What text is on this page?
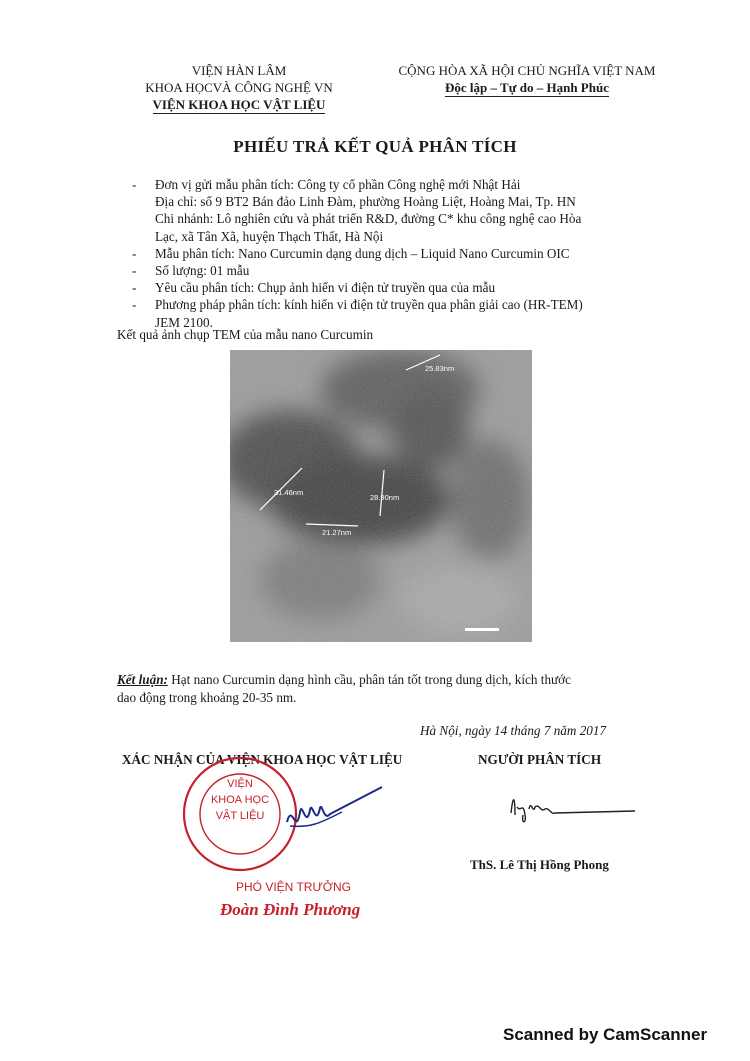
VIỆN HÀN LÂM
KHOA HỌCVÀ CÔNG NGHỆ VN
VIỆN KHOA HỌC VẬT LIỆU
CỘNG HÒA XÃ HỘI CHỦ NGHĨA VIỆT NAM
Độc lập – Tự do – Hạnh Phúc
PHIẾU TRẢ KẾT QUẢ PHÂN TÍCH
- Đơn vị gửi mẫu phân tích: Công ty cổ phần Công nghệ mới Nhật Hải
Địa chỉ: số 9 BT2 Bán đảo Linh Đàm, phường Hoàng Liệt, Hoàng Mai, Tp. HN
Chi nhánh: Lô nghiên cứu và phát triển R&D, đường C* khu công nghệ cao Hòa
Lạc, xã Tân Xã, huyện Thạch Thất, Hà Nội
- Mẫu phân tích: Nano Curcumin dạng dung dịch – Liquid Nano Curcumin OIC
- Số lượng: 01 mẫu
- Yêu cầu phân tích: Chụp ảnh hiển vi điện tử truyền qua của mẫu
- Phương pháp phân tích: kính hiển vi điện tử truyền qua phân giải cao (HR-TEM)
JEM 2100.
Kết quả ảnh chụp TEM của mẫu nano Curcumin
25.83nm
31.46nm
28.90nm
21.27nm
Kết luận: Hạt nano Curcumin dạng hình cầu, phân tán tốt trong dung dịch, kích thước
dao động trong khoảng 20-35 nm.
Hà Nội, ngày 14 tháng 7 năm 2017
XÁC NHẬN CỦA VIỆN KHOA HỌC VẬT LIỆU	NGƯỜI PHÂN TÍCH
VIỆN
KHOA HỌC
VẬT LIỆU
PHÓ VIỆN TRƯỞNG
Đoàn Đình Phương
ThS. Lê Thị Hồng Phong
Scanned by CamScanner
